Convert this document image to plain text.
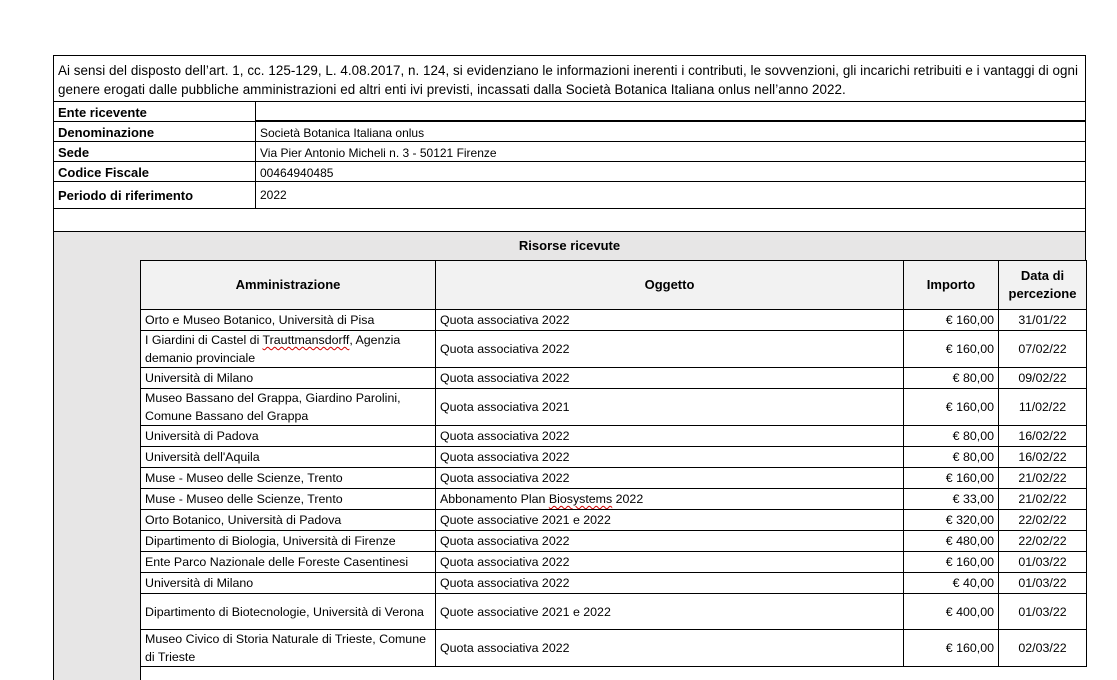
Ai sensi del disposto dell’art. 1, cc. 125-129, L. 4.08.2017, n. 124, si evidenziano le informazioni inerenti i contributi, le sovvenzioni, gli incarichi retribuiti e i vantaggi di ogni genere erogati dalle pubbliche amministrazioni ed altri enti ivi previsti, incassati dalla Società Botanica Italiana onlus nell’anno 2022.
Ente ricevente
Denominazione	Società Botanica Italiana onlus
Sede	Via Pier Antonio Micheli n. 3 - 50121 Firenze
Codice Fiscale	00464940485
Periodo di riferimento	2022
Risorse ricevute
Amministrazione	Oggetto	Importo	Data di percezione
Orto e Museo Botanico, Università di Pisa	Quota associativa 2022	€ 160,00	31/01/22
I Giardini di Castel di Trauttmansdorff, Agenzia demanio provinciale	Quota associativa 2022	€ 160,00	07/02/22
Università di Milano	Quota associativa 2022	€ 80,00	09/02/22
Museo Bassano del Grappa, Giardino Parolini, Comune Bassano del Grappa	Quota associativa 2021	€ 160,00	11/02/22
Università di Padova	Quota associativa 2022	€ 80,00	16/02/22
Università dell'Aquila	Quota associativa 2022	€ 80,00	16/02/22
Muse - Museo delle Scienze, Trento	Quota associativa 2022	€ 160,00	21/02/22
Muse - Museo delle Scienze, Trento	Abbonamento Plan Biosystems 2022	€ 33,00	21/02/22
Orto Botanico, Università di Padova	Quote associative 2021 e 2022	€ 320,00	22/02/22
Dipartimento di Biologia, Università di Firenze	Quota associativa 2022	€ 480,00	22/02/22
Ente Parco Nazionale delle Foreste Casentinesi	Quota associativa 2022	€ 160,00	01/03/22
Università di Milano	Quota associativa 2022	€ 40,00	01/03/22
Dipartimento di Biotecnologie, Università di Verona	Quote associative 2021 e 2022	€ 400,00	01/03/22
Museo Civico di Storia Naturale di Trieste, Comune di Trieste	Quota associativa 2022	€ 160,00	02/03/22
